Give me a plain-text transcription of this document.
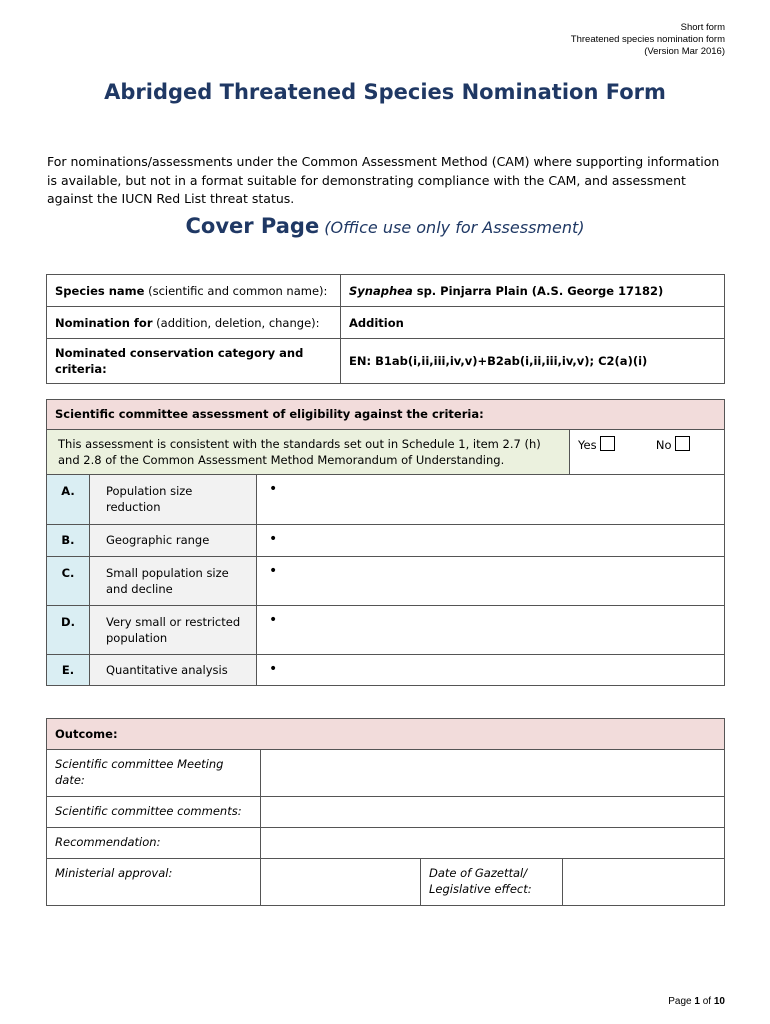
Short form
Threatened species nomination form
(Version Mar 2016)
Abridged Threatened Species Nomination Form
For nominations/assessments under the Common Assessment Method (CAM) where supporting information is available, but not in a format suitable for demonstrating compliance with the CAM, and assessment against the IUCN Red List threat status.
Cover Page (Office use only for Assessment)
Species name (scientific and common name):	Synaphea sp. Pinjarra Plain (A.S. George 17182)
Nomination for (addition, deletion, change):	Addition
Nominated conservation category and criteria:	EN: B1ab(i,ii,iii,iv,v)+B2ab(i,ii,iii,iv,v); C2(a)(i)
Scientific committee assessment of eligibility against the criteria:			
This assessment is consistent with the standards set out in Schedule 1, item 2.7 (h) and 2.8 of the Common Assessment Method Memorandum of Understanding.			Yes No
A.	Population size reduction	•	
B.	Geographic range	•	
C.	Small population size and decline	•	
D.	Very small or restricted population	•	
E.	Quantitative analysis	•	
Outcome:			
Scientific committee Meeting date:			
Scientific committee comments:			
Recommendation:			
Ministerial approval:		Date of Gazettal/ Legislative effect:	
Page 1 of 10
